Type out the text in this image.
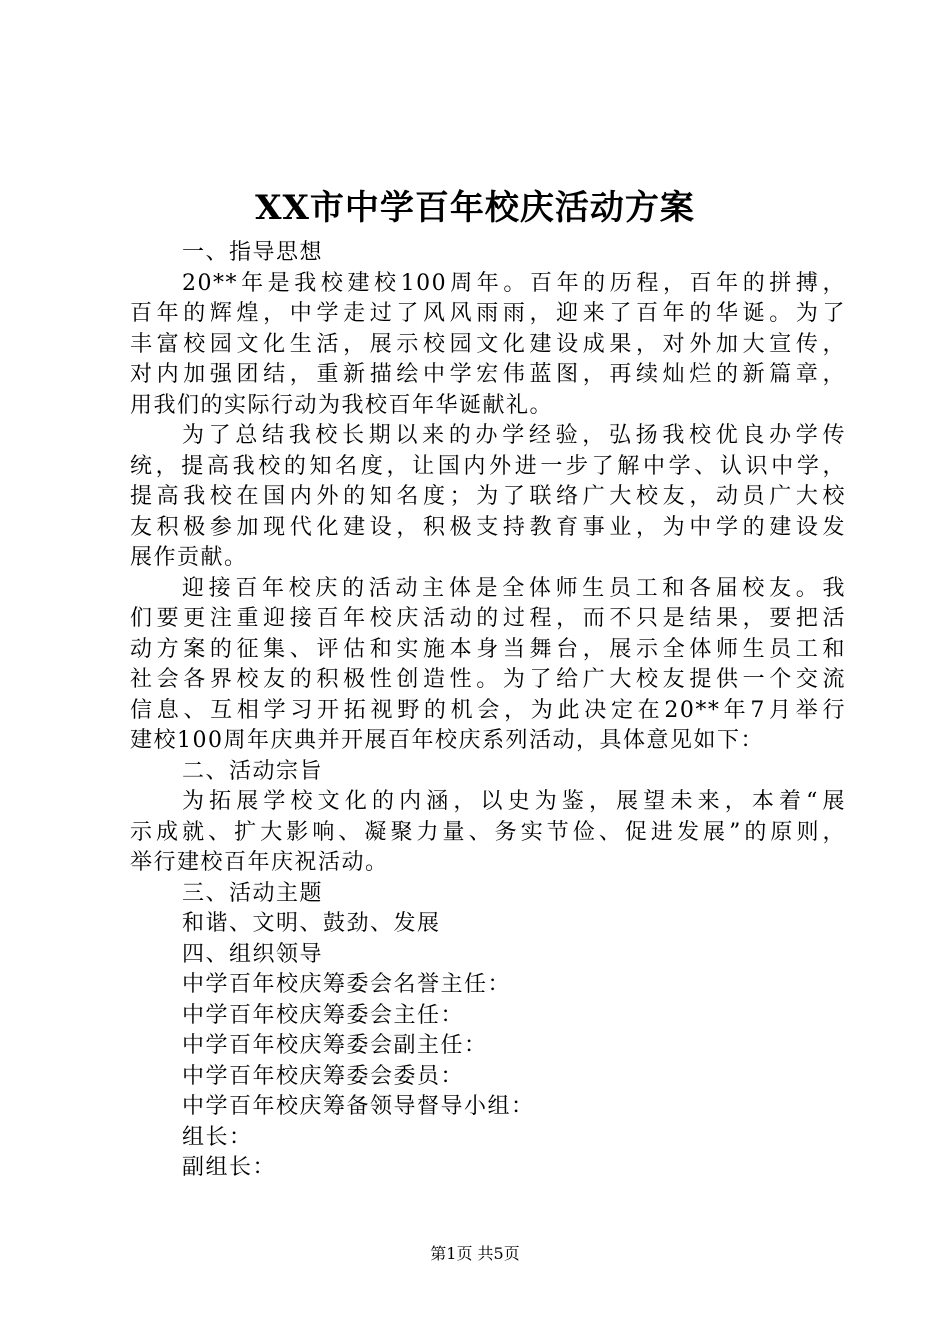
XX市中学百年校庆活动方案
一、指导思想
20**年是我校建校100周年。百年的历程，百年的拼搏，
百年的辉煌，中学走过了风风雨雨，迎来了百年的华诞。为了
丰富校园文化生活，展示校园文化建设成果，对外加大宣传，
对内加强团结，重新描绘中学宏伟蓝图，再续灿烂的新篇章，
用我们的实际行动为我校百年华诞献礼。
为了总结我校长期以来的办学经验，弘扬我校优良办学传
统，提高我校的知名度，让国内外进一步了解中学、认识中学，
提高我校在国内外的知名度；为了联络广大校友，动员广大校
友积极参加现代化建设，积极支持教育事业，为中学的建设发
展作贡献。
迎接百年校庆的活动主体是全体师生员工和各届校友。我
们要更注重迎接百年校庆活动的过程，而不只是结果，要把活
动方案的征集、评估和实施本身当舞台，展示全体师生员工和
社会各界校友的积极性创造性。为了给广大校友提供一个交流
信息、互相学习开拓视野的机会，为此决定在20**年7月举行
建校100周年庆典并开展百年校庆系列活动，具体意见如下：
二、活动宗旨
为拓展学校文化的内涵，以史为鉴，展望未来，本着“展
示成就、扩大影响、凝聚力量、务实节俭、促进发展”的原则，
举行建校百年庆祝活动。
三、活动主题
和谐、文明、鼓劲、发展
四、组织领导
中学百年校庆筹委会名誉主任：
中学百年校庆筹委会主任：
中学百年校庆筹委会副主任：
中学百年校庆筹委会委员：
中学百年校庆筹备领导督导小组：
组长：
副组长：
第1页 共5页
